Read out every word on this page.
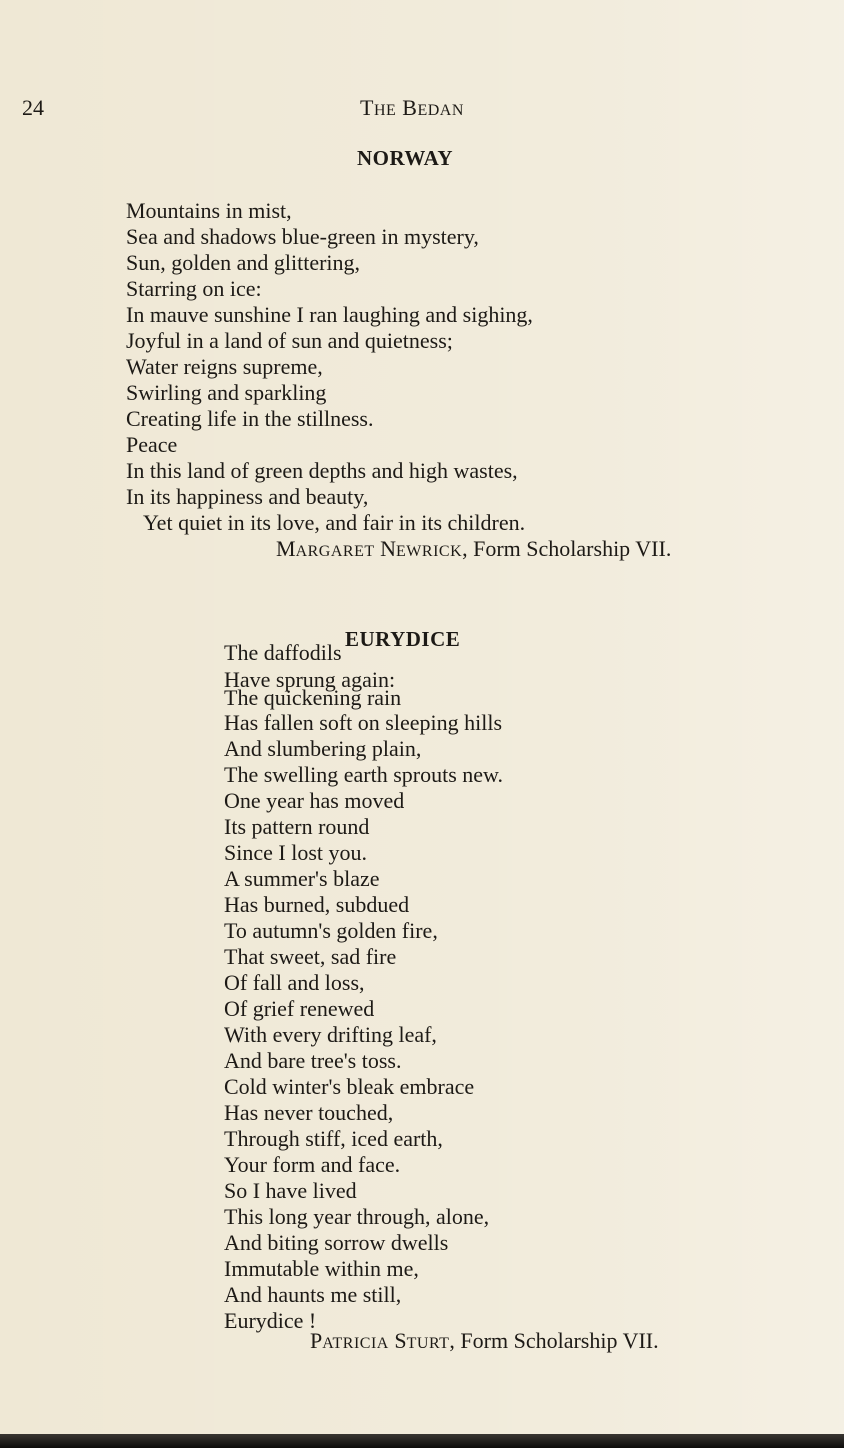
24	THE BEDAN
NORWAY
Mountains in mist,
Sea and shadows blue-green in mystery,
Sun, golden and glittering,
Starring on ice:
In mauve sunshine I ran laughing and sighing,
Joyful in a land of sun and quietness;
Water reigns supreme,
Swirling and sparkling
Creating life in the stillness.
Peace
In this land of green depths and high wastes,
In its happiness and beauty,
Yet quiet in its love, and fair in its children.
MARGARET NEWRICK, Form Scholarship VII.
EURYDICE
The daffodils
Have sprung again:
The quickening rain
Has fallen soft on sleeping hills
And slumbering plain,
The swelling earth sprouts new.
One year has moved
Its pattern round
Since I lost you.
A summer's blaze
Has burned, subdued
To autumn's golden fire,
That sweet, sad fire
Of fall and loss,
Of grief renewed
With every drifting leaf,
And bare tree's toss.
Cold winter's bleak embrace
Has never touched,
Through stiff, iced earth,
Your form and face.
So I have lived
This long year through, alone,
And biting sorrow dwells
Immutable within me,
And haunts me still,
Eurydice !
PATRICIA STURT, Form Scholarship VII.
